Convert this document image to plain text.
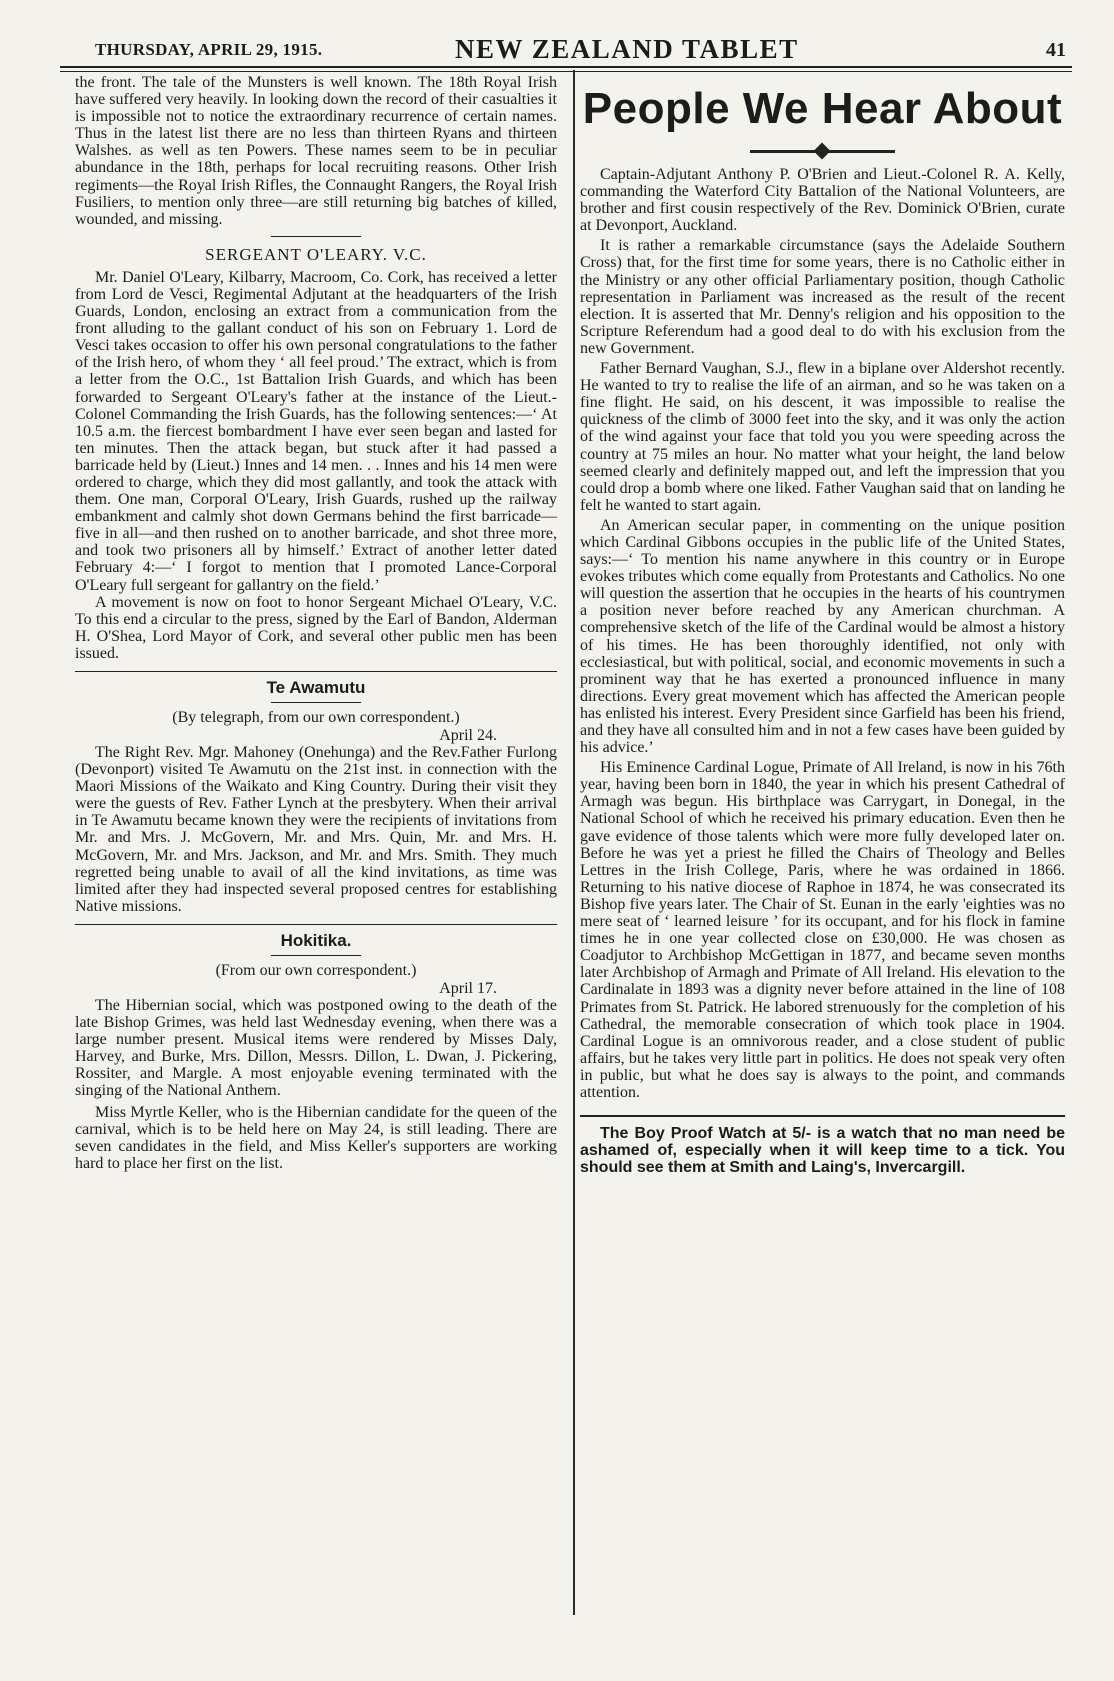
THURSDAY, APRIL 29, 1915.	NEW ZEALAND TABLET	41

the front. The tale of the Munsters is well known. The 18th Royal Irish have suffered very heavily. In looking down the record of their casualties it is impossible not to notice the extraordinary recurrence of certain names. Thus in the latest list there are no less than thirteen Ryans and thirteen Walshes. as well as ten Powers. These names seem to be in peculiar abundance in the 18th, perhaps for local recruiting reasons. Other Irish regiments—the Royal Irish Rifles, the Connaught Rangers, the Royal Irish Fusiliers, to mention only three—are still returning big batches of killed, wounded, and missing.

SERGEANT O'LEARY. V.C.

Mr. Daniel O'Leary, Kilbarry, Macroom, Co. Cork, has received a letter from Lord de Vesci, Regimental Adjutant at the headquarters of the Irish Guards, London, enclosing an extract from a communication from the front alluding to the gallant conduct of his son on February 1. Lord de Vesci takes occasion to offer his own personal congratulations to the father of the Irish hero, of whom they ‘ all feel proud.’ The extract, which is from a letter from the O.C., 1st Battalion Irish Guards, and which has been forwarded to Sergeant O'Leary's father at the instance of the Lieut.-Colonel Commanding the Irish Guards, has the following sentences:—‘ At 10.5 a.m. the fiercest bombardment I have ever seen began and lasted for ten minutes. Then the attack began, but stuck after it had passed a barricade held by (Lieut.) Innes and 14 men. . . Innes and his 14 men were ordered to charge, which they did most gallantly, and took the attack with them. One man, Corporal O'Leary, Irish Guards, rushed up the railway embankment and calmly shot down Germans behind the first barricade—five in all—and then rushed on to another barricade, and shot three more, and took two prisoners all by himself.’ Extract of another letter dated February 4:—‘ I forgot to mention that I promoted Lance-Corporal O'Leary full sergeant for gallantry on the field.’

A movement is now on foot to honor Sergeant Michael O'Leary, V.C. To this end a circular to the press, signed by the Earl of Bandon, Alderman H. O'Shea, Lord Mayor of Cork, and several other public men has been issued.

Te Awamutu
(By telegraph, from our own correspondent.)
April 24.

The Right Rev. Mgr. Mahoney (Onehunga) and the Rev.Father Furlong (Devonport) visited Te Awamutu on the 21st inst. in connection with the Maori Missions of the Waikato and King Country. During their visit they were the guests of Rev. Father Lynch at the presbytery. When their arrival in Te Awamutu became known they were the recipients of invitations from Mr. and Mrs. J. McGovern, Mr. and Mrs. Quin, Mr. and Mrs. H. McGovern, Mr. and Mrs. Jackson, and Mr. and Mrs. Smith. They much regretted being unable to avail of all the kind invitations, as time was limited after they had inspected several proposed centres for establishing Native missions.

Hokitika.
(From our own correspondent.)
April 17.

The Hibernian social, which was postponed owing to the death of the late Bishop Grimes, was held last Wednesday evening, when there was a large number present. Musical items were rendered by Misses Daly, Harvey, and Burke, Mrs. Dillon, Messrs. Dillon, L. Dwan, J. Pickering, Rossiter, and Margle. A most enjoyable evening terminated with the singing of the National Anthem.

Miss Myrtle Keller, who is the Hibernian candidate for the queen of the carnival, which is to be held here on May 24, is still leading. There are seven candidates in the field, and Miss Keller's supporters are working hard to place her first on the list.

People We Hear About

Captain-Adjutant Anthony P. O'Brien and Lieut.-Colonel R. A. Kelly, commanding the Waterford City Battalion of the National Volunteers, are brother and first cousin respectively of the Rev. Dominick O'Brien, curate at Devonport, Auckland.

It is rather a remarkable circumstance (says the Adelaide Southern Cross) that, for the first time for some years, there is no Catholic either in the Ministry or any other official Parliamentary position, though Catholic representation in Parliament was increased as the result of the recent election. It is asserted that Mr. Denny's religion and his opposition to the Scripture Referendum had a good deal to do with his exclusion from the new Government.

Father Bernard Vaughan, S.J., flew in a biplane over Aldershot recently. He wanted to try to realise the life of an airman, and so he was taken on a fine flight. He said, on his descent, it was impossible to realise the quickness of the climb of 3000 feet into the sky, and it was only the action of the wind against your face that told you you were speeding across the country at 75 miles an hour. No matter what your height, the land below seemed clearly and definitely mapped out, and left the impression that you could drop a bomb where one liked. Father Vaughan said that on landing he felt he wanted to start again.

An American secular paper, in commenting on the unique position which Cardinal Gibbons occupies in the public life of the United States, says:—‘ To mention his name anywhere in this country or in Europe evokes tributes which come equally from Protestants and Catholics. No one will question the assertion that he occupies in the hearts of his countrymen a position never before reached by any American churchman. A comprehensive sketch of the life of the Cardinal would be almost a history of his times. He has been thoroughly identified, not only with ecclesiastical, but with political, social, and economic movements in such a prominent way that he has exerted a pronounced influence in many directions. Every great movement which has affected the American people has enlisted his interest. Every President since Garfield has been his friend, and they have all consulted him and in not a few cases have been guided by his advice.’

His Eminence Cardinal Logue, Primate of All Ireland, is now in his 76th year, having been born in 1840, the year in which his present Cathedral of Armagh was begun. His birthplace was Carrygart, in Donegal, in the National School of which he received his primary education. Even then he gave evidence of those talents which were more fully developed later on. Before he was yet a priest he filled the Chairs of Theology and Belles Lettres in the Irish College, Paris, where he was ordained in 1866. Returning to his native diocese of Raphoe in 1874, he was consecrated its Bishop five years later. The Chair of St. Eunan in the early 'eighties was no mere seat of ‘ learned leisure ’ for its occupant, and for his flock in famine times he in one year collected close on £30,000. He was chosen as Coadjutor to Archbishop McGettigan in 1877, and became seven months later Archbishop of Armagh and Primate of All Ireland. His elevation to the Cardinalate in 1893 was a dignity never before attained in the line of 108 Primates from St. Patrick. He labored strenuously for the completion of his Cathedral, the memorable consecration of which took place in 1904. Cardinal Logue is an omnivorous reader, and a close student of public affairs, but he takes very little part in politics. He does not speak very often in public, but what he does say is always to the point, and commands attention.

The Boy Proof Watch at 5/- is a watch that no man need be ashamed of, especially when it will keep time to a tick. You should see them at Smith and Laing's, Invercargill.
